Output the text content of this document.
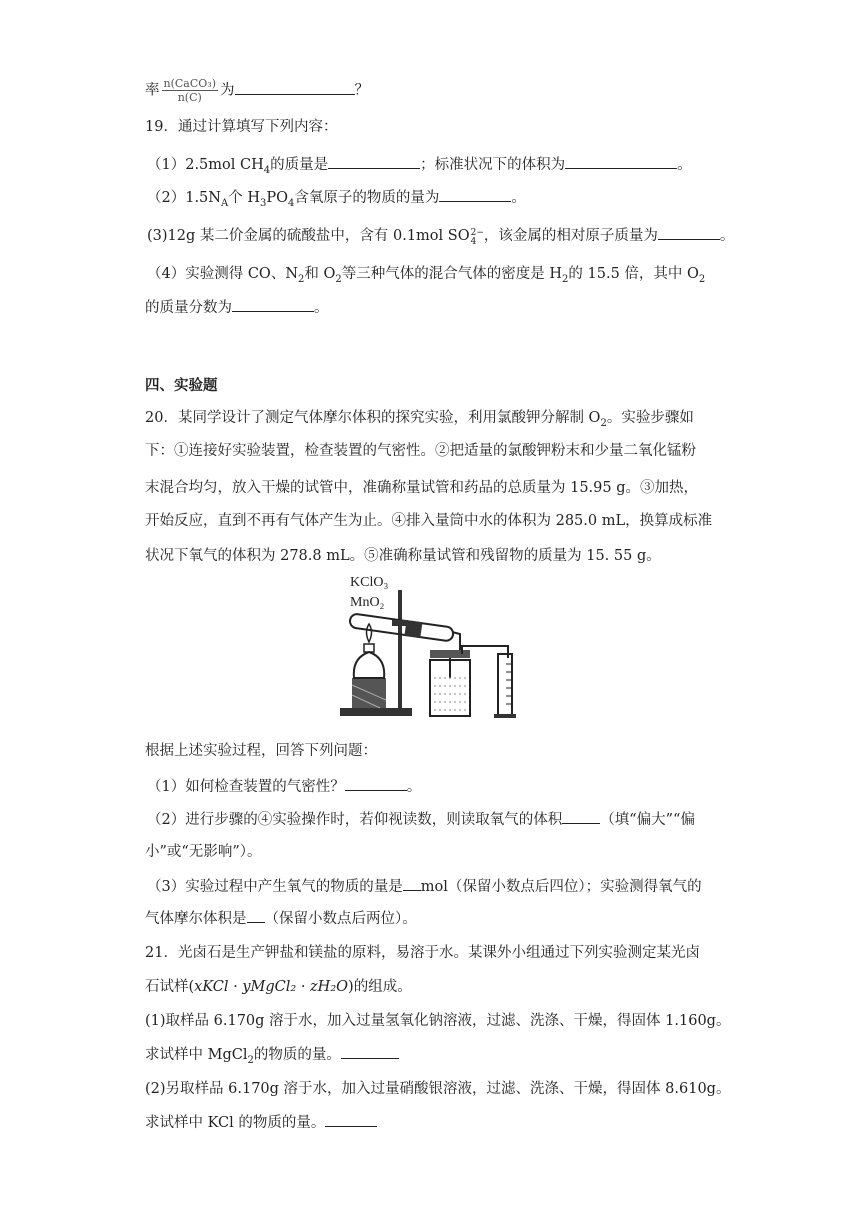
率 $\frac{\text{n(CaCO₃)}}{n(C)}$ 为	？
19．通过计算填写下列内容：
（1）2.5mol $CH_4$的质量是	；标准状况下的体积为	。
$(2)1.5N_A$个 $H_3PO_4$含氧原子的物质的量为	。
(3)12g 某二价金属的硫酸盐中，含有 0.1mol SO 2−
4 ，该金属的相对原子质量为	。
（4）实验测得 CO、$N_2$和 $O_2$等三种气体的混合气体的密度是 $H_2$的 15.5 倍，其中 $O_2$
的质量分数为	。
四、实验题
20．某同学设计了测定气体摩尔体积的探究实验，利用氯酸钾分解制 $O_2$。实验步骤如
下：①连接好实验装置，检查装置的气密性。②把适量的氯酸钾粉末和少量二氧化锰粉
末混合均匀，放入干燥的试管中，准确称量试管和药品的总质量为 15.95 g。③加热，
开始反应，直到不再有气体产生为止。④排入量筒中水的体积为 285.0 mL，换算成标准
状况下氧气的体积为 278.8 mL。⑤准确称量试管和残留物的质量为 15. 55 g。
KClO₃
MnO₂
根据上述实验过程，回答下列问题：
（1）如何检查装置的气密性？	。
（2）进行步骤的④实验操作时，若仰视读数，则读取氧气的体积	（填“偏大”“偏
小”或“无影响”）。
（3）实验过程中产生氧气的物质的量是 mol（保留小数点后四位）；实验测得氧气的
气体摩尔体积是 （保留小数点后两位）。
21．光卤石是生产钾盐和镁盐的原料，易溶于水。某课外小组通过下列实验测定某光卤
石试样(xKCl · yMgCl₂ · zH₂O)的组成。
(1)取样品 6.170g 溶于水，加入过量氢氧化钠溶液，过滤、洗涤、干燥，得固体 1.160g。
求试样中 MgCl$_2$的物质的量。
(2)另取样品 6.170g 溶于水，加入过量硝酸银溶液，过滤、洗涤、干燥，得固体 8.610g。
求试样中 KCl 的物质的量。
